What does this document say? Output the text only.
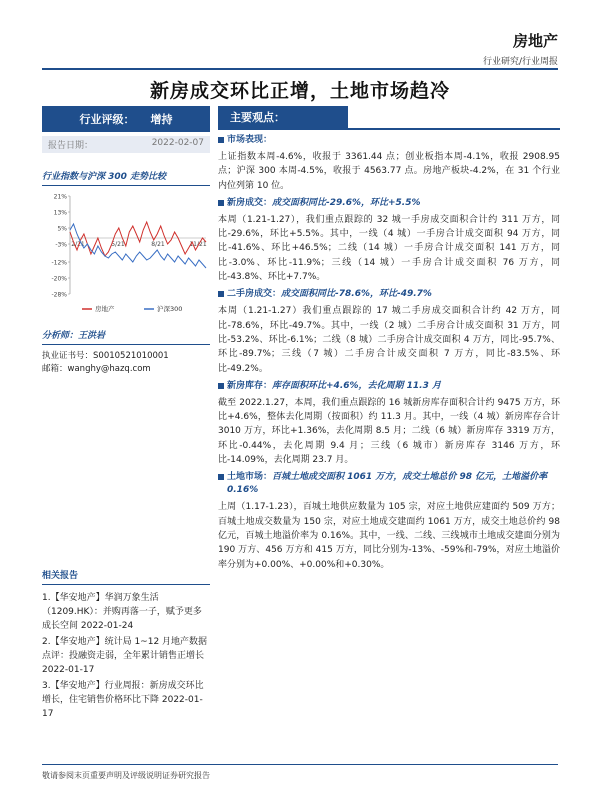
房地产
行业研究/行业周报
新房成交环比正增，土地市场趋冷
行业评级： 增持
报告日期：	2022-02-07
行业指数与沪深 300 走势比较
21%
13%
5%
-3%
-12%
-20%
-28%
2/21	5/21	8/21	11/21
房地产	沪深300
分析师：王洪岩
执业证书号：S0010521010001
邮箱：wanghy@hazq.com
相关报告
1.【华安地产】华润万象生活（1209.HK）：并购再落一子，赋予更多成长空间 2022-01-24
2.【华安地产】统计局 1~12 月地产数据点评：投融资走弱，全年累计销售正增长 2022-01-17
3.【华安地产】行业周报：新房成交环比增长，住宅销售价格环比下降 2022-01-17
主要观点：
市场表现：
上证指数本周-4.6%，收报于 3361.44 点；创业板指本周-4.1%，收报 2908.95 点；沪深 300 本周-4.5%，收报于 4563.77 点。房地产板块-4.2%，在 31 个行业内位列第 10 位。
新房成交：成交面积同比-29.6%，环比+5.5%
本周（1.21-1.27），我们重点跟踪的 32 城一手房成交面积合计约 311 万方，同比-29.6%，环比+5.5%。其中，一线（4 城）一手房合计成交面积 94 万方，同比-41.6%、环比+46.5%；二线（14 城）一手房合计成交面积 141 万方，同比-3.0%、环比-11.9%；三线（14 城）一手房合计成交面积 76 万方，同比-43.8%、环比+7.7%。
二手房成交：成交面积同比-78.6%，环比-49.7%
本周（1.21-1.27）我们重点跟踪的 17 城二手房成交面积合计约 42 万方，同比-78.6%，环比-49.7%。其中，一线（2 城）二手房合计成交面积 31 万方，同比-53.2%、环比-6.1%；二线（8 城）二手房合计成交面积 4 万方，同比-95.7%、环比-89.7%；三线（7 城）二手房合计成交面积 7 万方，同比-83.5%、环比-49.2%。
新房库存：库存面积环比+4.6%，去化周期 11.3 月
截至 2022.1.27，本周，我们重点跟踪的 16 城新房库存面积合计约 9475 万方，环比+4.6%，整体去化周期（按面积）约 11.3 月。其中，一线（4 城）新房库存合计 3010 万方，环比+1.36%，去化周期 8.5 月；二线（6 城）新房库存 3319 万方，环比-0.44%，去化周期 9.4 月；三线（6 城市）新房库存 3146 万方，环比-14.09%，去化周期 23.7 月。
土地市场：百城土地成交面积 1061 万方，成交土地总价 98 亿元，土地溢价率 0.16%
上周（1.17-1.23），百城土地供应数量为 105 宗，对应土地供应建面约 509 万方；百城土地成交数量为 150 宗，对应土地成交建面约 1061 万方，成交土地总价约 98 亿元，百城土地溢价率为 0.16%。其中，一线、二线、三线城市土地成交建面分别为 190 万方、456 万方和 415 万方，同比分别为-13%、-59%和-79%，对应土地溢价率分别为+0.00%、+0.00%和+0.30%。
敬请参阅末页重要声明及评级说明证券研究报告
